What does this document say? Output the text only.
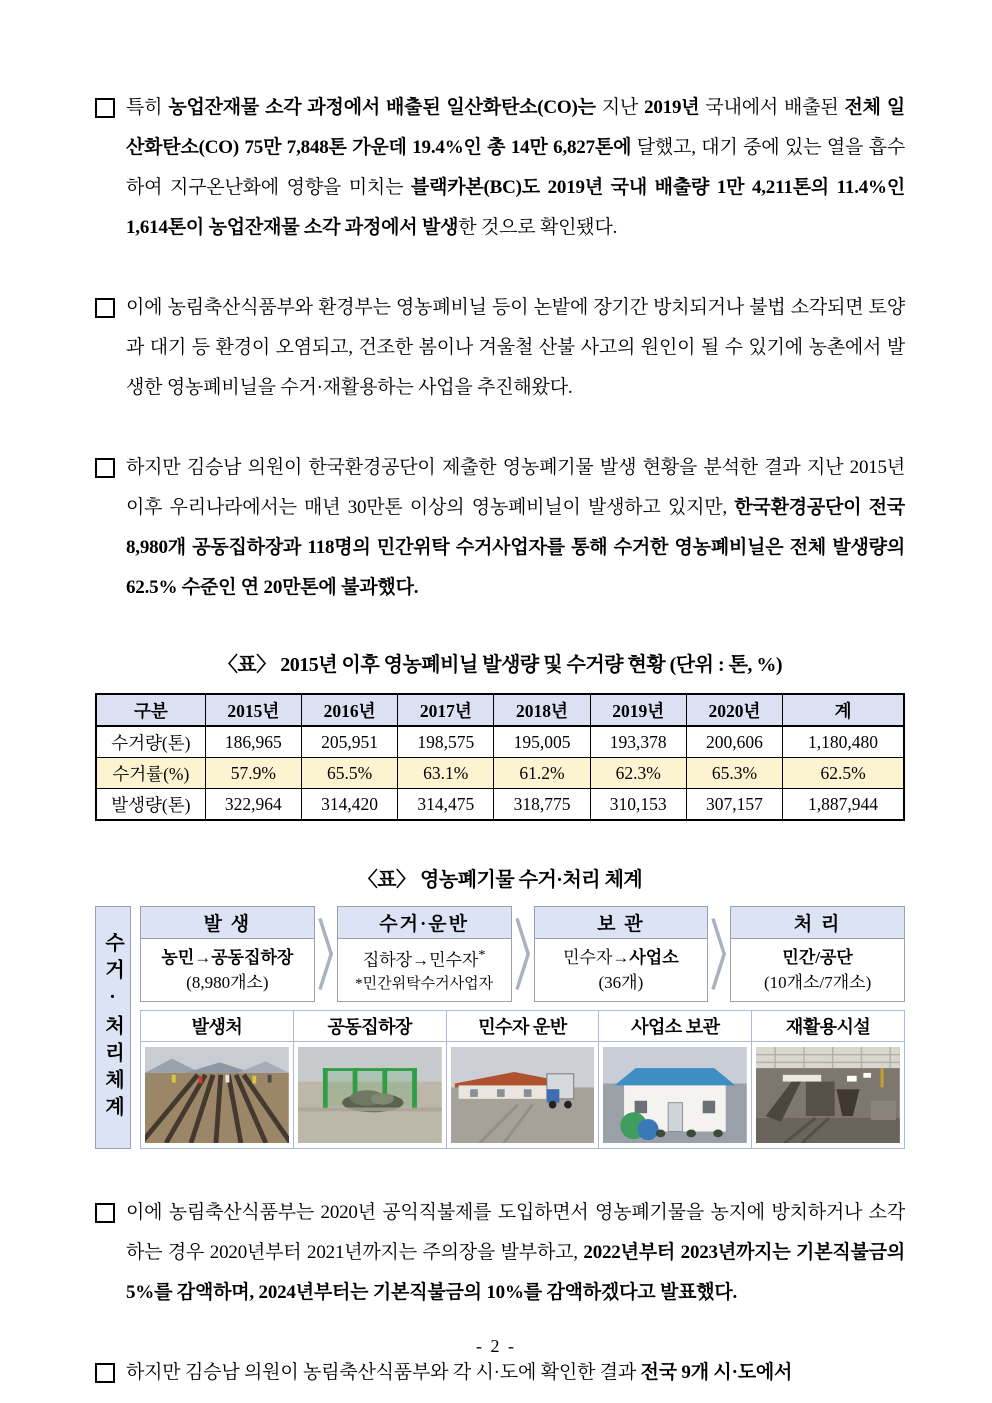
특히 농업잔재물 소각 과정에서 배출된 일산화탄소(CO)는 지난 2019년 국내에서 배출된 전체 일산화탄소(CO) 75만 7,848톤 가운데 19.4%인 총 14만 6,827톤에 달했고, 대기 중에 있는 열을 흡수하여 지구온난화에 영향을 미치는 블랙카본(BC)도 2019년 국내 배출량 1만 4,211톤의 11.4%인 1,614톤이 농업잔재물 소각 과정에서 발생한 것으로 확인됐다.
이에 농림축산식품부와 환경부는 영농폐비닐 등이 논밭에 장기간 방치되거나 불법 소각되면 토양과 대기 등 환경이 오염되고, 건조한 봄이나 겨울철 산불 사고의 원인이 될 수 있기에 농촌에서 발생한 영농폐비닐을 수거·재활용하는 사업을 추진해왔다.
하지만 김승남 의원이 한국환경공단이 제출한 영농폐기물 발생 현황을 분석한 결과 지난 2015년 이후 우리나라에서는 매년 30만톤 이상의 영농폐비닐이 발생하고 있지만, 한국환경공단이 전국 8,980개 공동집하장과 118명의 민간위탁 수거사업자를 통해 수거한 영농폐비닐은 전체 발생량의 62.5% 수준인 연 20만톤에 불과했다.
〈표〉 2015년 이후 영농폐비닐 발생량 및 수거량 현황 (단위 : 톤, %)
구분	2015년	2016년	2017년	2018년	2019년	2020년	계
수거량(톤)	186,965	205,951	198,575	195,005	193,378	200,606	1,180,480
수거률(%)	57.9%	65.5%	63.1%	61.2%	62.3%	65.3%	62.5%
발생량(톤)	322,964	314,420	314,475	318,775	310,153	307,157	1,887,944
〈표〉 영농폐기물 수거·처리 체계
수거·처리체계
발 생
농민→공동집하장
(8,980개소)
수거·운반
집하장→민수자*
*민간위탁수거사업자
보 관
민수자→사업소
(36개)
처 리
민간/공단
(10개소/7개소)
발생처	공동집하장	민수자 운반	사업소 보관	재활용시설
이에 농림축산식품부는 2020년 공익직불제를 도입하면서 영농폐기물을 농지에 방치하거나 소각하는 경우 2020년부터 2021년까지는 주의장을 발부하고, 2022년부터 2023년까지는 기본직불금의 5%를 감액하며, 2024년부터는 기본직불금의 10%를 감액하겠다고 발표했다.
하지만 김승남 의원이 농림축산식품부와 각 시·도에 확인한 결과 전국 9개 시·도에서
- 2 -
